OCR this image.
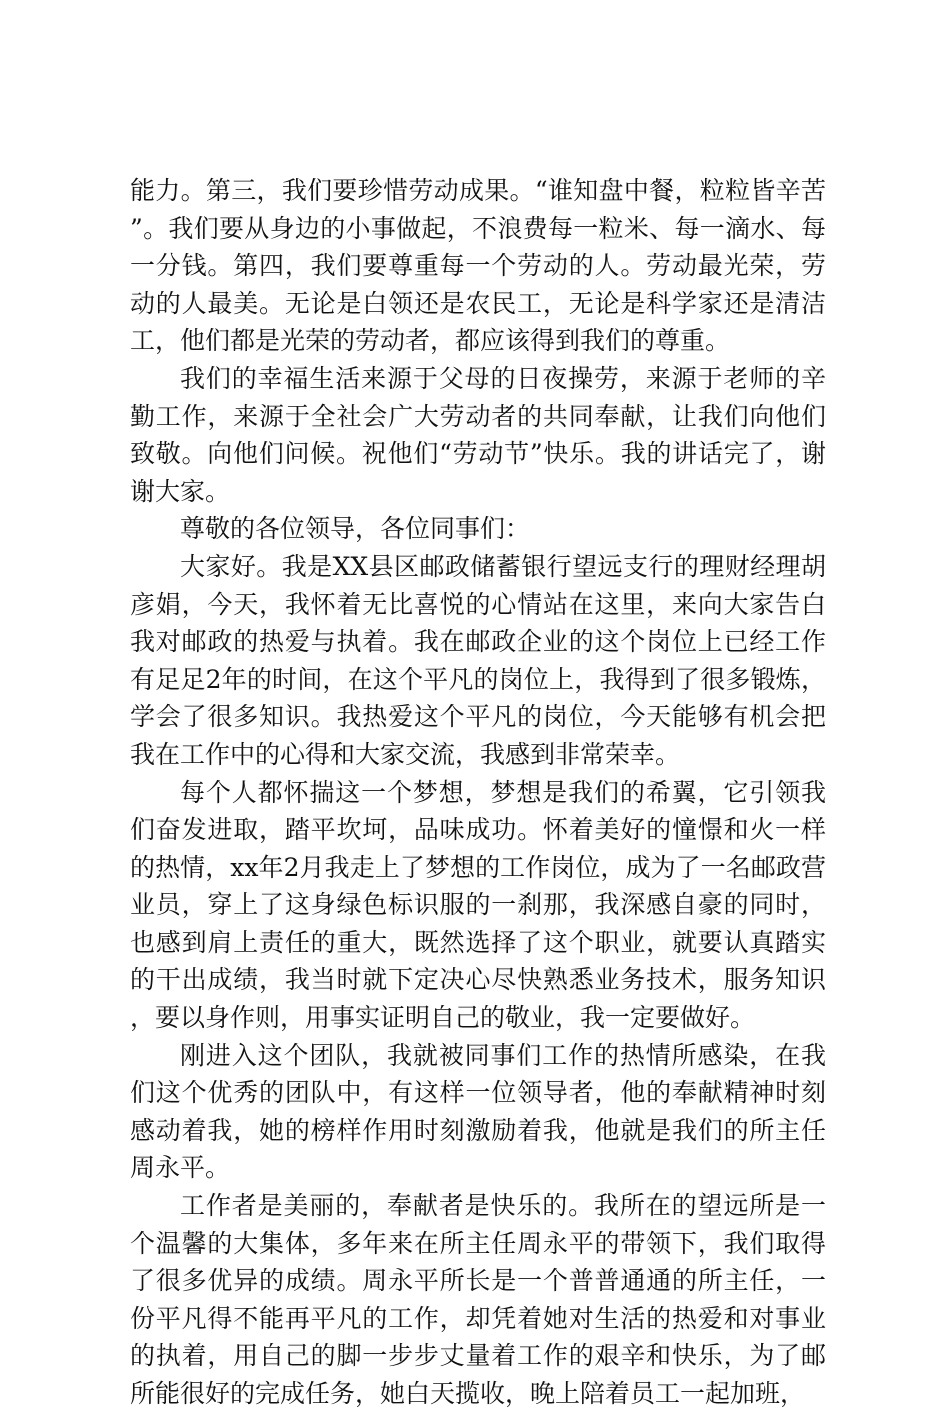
能力。第三，我们要珍惜劳动成果。“谁知盘中餐，粒粒皆辛苦”。我们要从身边的小事做起，不浪费每一粒米、每一滴水、每一分钱。第四，我们要尊重每一个劳动的人。劳动最光荣，劳动的人最美。无论是白领还是农民工，无论是科学家还是清洁工，他们都是光荣的劳动者，都应该得到我们的尊重。

我们的幸福生活来源于父母的日夜操劳，来源于老师的辛勤工作，来源于全社会广大劳动者的共同奉献，让我们向他们致敬。向他们问候。祝他们“劳动节”快乐。我的讲话完了，谢谢大家。

尊敬的各位领导，各位同事们：

大家好。我是XX县区邮政储蓄银行望远支行的理财经理胡彦娟，今天，我怀着无比喜悦的心情站在这里，来向大家告白我对邮政的热爱与执着。我在邮政企业的这个岗位上已经工作有足足2年的时间，在这个平凡的岗位上，我得到了很多锻炼，学会了很多知识。我热爱这个平凡的岗位，今天能够有机会把我在工作中的心得和大家交流，我感到非常荣幸。

每个人都怀揣这一个梦想，梦想是我们的希翼，它引领我们奋发进取，踏平坎坷，品味成功。怀着美好的憧憬和火一样的热情，xx年2月我走上了梦想的工作岗位，成为了一名邮政营业员，穿上了这身绿色标识服的一刹那，我深感自豪的同时，也感到肩上责任的重大，既然选择了这个职业，就要认真踏实的干出成绩，我当时就下定决心尽快熟悉业务技术，服务知识，要以身作则，用事实证明自己的敬业，我一定要做好。

刚进入这个团队，我就被同事们工作的热情所感染，在我们这个优秀的团队中，有这样一位领导者，他的奉献精神时刻感动着我，她的榜样作用时刻激励着我，他就是我们的所主任周永平。

工作者是美丽的，奉献者是快乐的。我所在的望远所是一个温馨的大集体，多年来在所主任周永平的带领下，我们取得了很多优异的成绩。周永平所长是一个普普通通的所主任，一份平凡得不能再平凡的工作，却凭着她对生活的热爱和对事业的执着，用自己的脚一步步丈量着工作的艰辛和快乐，为了邮所能很好的完成任务，她白天揽收，晚上陪着员工一起加班，
